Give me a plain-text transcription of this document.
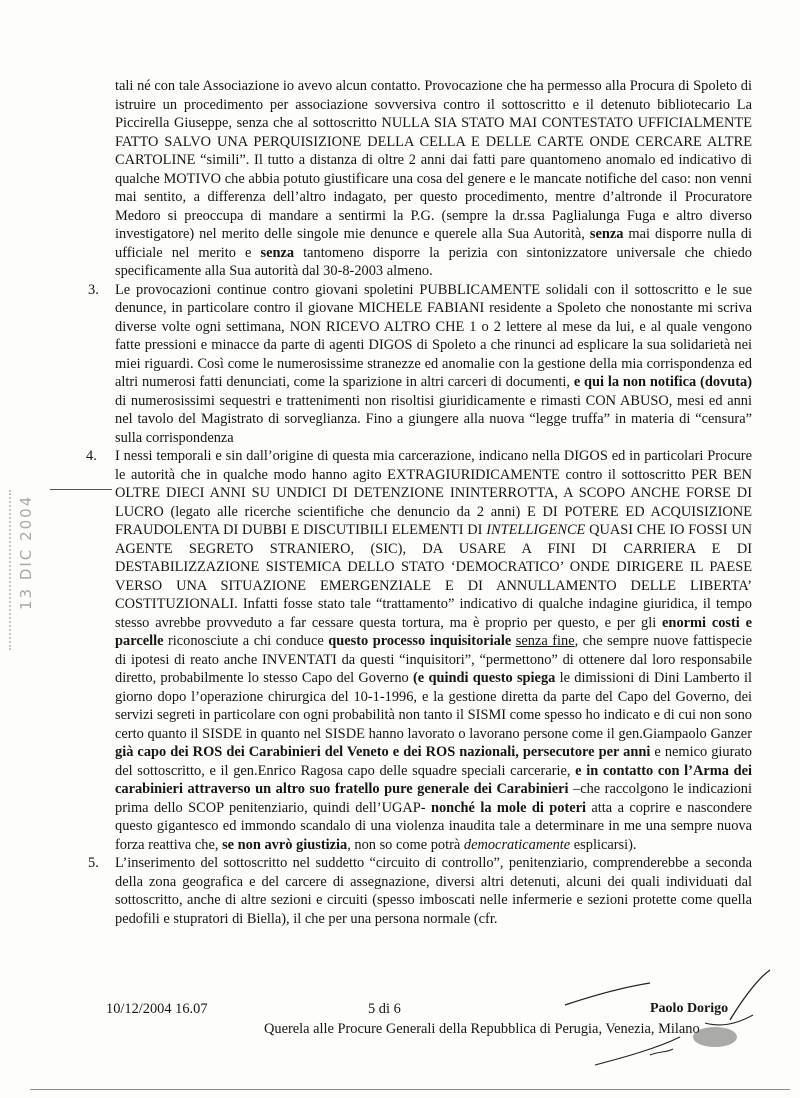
13 DIC 2004

tali né con tale Associazione io avevo alcun contatto. Provocazione che ha permesso alla Procura di Spoleto di istruire un procedimento per associazione sovversiva contro il sottoscritto e il detenuto bibliotecario La Piccirella Giuseppe, senza che al sottoscritto NULLA SIA STATO MAI CONTESTATO UFFICIALMENTE FATTO SALVO UNA PERQUISIZIONE DELLA CELLA E DELLE CARTE ONDE CERCARE ALTRE CARTOLINE “simili”. Il tutto a distanza di oltre 2 anni dai fatti pare quantomeno anomalo ed indicativo di qualche MOTIVO che abbia potuto giustificare una cosa del genere e le mancate notifiche del caso: non venni mai sentito, a differenza dell’altro indagato, per questo procedimento, mentre d’altronde il Procuratore Medoro si preoccupa di mandare a sentirmi la P.G. (sempre la dr.ssa Paglialunga Fuga e altro diverso investigatore) nel merito delle singole mie denunce e querele alla Sua Autorità, senza mai disporre nulla di ufficiale nel merito e senza tantomeno disporre la perizia con sintonizzatore universale che chiedo specificamente alla Sua autorità dal 30-8-2003 almeno.

3. Le provocazioni continue contro giovani spoletini PUBBLICAMENTE solidali con il sottoscritto e le sue denunce, in particolare contro il giovane MICHELE FABIANI residente a Spoleto che nonostante mi scriva diverse volte ogni settimana, NON RICEVO ALTRO CHE 1 o 2 lettere al mese da lui, e al quale vengono fatte pressioni e minacce da parte di agenti DIGOS di Spoleto a che rinunci ad esplicare la sua solidarietà nei miei riguardi. Così come le numerosissime stranezze ed anomalie con la gestione della mia corrispondenza ed altri numerosi fatti denunciati, come la sparizione in altri carceri di documenti, e qui la non notifica (dovuta) di numerosissimi sequestri e trattenimenti non risoltisi giuridicamente e rimasti CON ABUSO, mesi ed anni nel tavolo del Magistrato di sorveglianza. Fino a giungere alla nuova “legge truffa” in materia di “censura” sulla corrispondenza

4. I nessi temporali e sin dall’origine di questa mia carcerazione, indicano nella DIGOS ed in particolari Procure le autorità che in qualche modo hanno agito EXTRAGIURIDICAMENTE contro il sottoscritto PER BEN OLTRE DIECI ANNI SU UNDICI DI DETENZIONE ININTERROTTA, A SCOPO ANCHE FORSE DI LUCRO (legato alle ricerche scientifiche che denuncio da 2 anni) E DI POTERE ED ACQUISIZIONE FRAUDOLENTA DI DUBBI E DISCUTIBILI ELEMENTI DI INTELLIGENCE QUASI CHE IO FOSSI UN AGENTE SEGRETO STRANIERO, (SIC), DA USARE A FINI DI CARRIERA E DI DESTABILIZZAZIONE SISTEMICA DELLO STATO ‘DEMOCRATICO’ ONDE DIRIGERE IL PAESE VERSO UNA SITUAZIONE EMERGENZIALE E DI ANNULLAMENTO DELLE LIBERTA’ COSTITUZIONALI. Infatti fosse stato tale “trattamento” indicativo di qualche indagine giuridica, il tempo stesso avrebbe provveduto a far cessare questa tortura, ma è proprio per questo, e per gli enormi costi e parcelle riconosciute a chi conduce questo processo inquisitoriale senza fine, che sempre nuove fattispecie di ipotesi di reato anche INVENTATI da questi “inquisitori”, “permettono” di ottenere dal loro responsabile diretto, probabilmente lo stesso Capo del Governo (e quindi questo spiega le dimissioni di Dini Lamberto il giorno dopo l’operazione chirurgica del 10-1-1996, e la gestione diretta da parte del Capo del Governo, dei servizi segreti in particolare con ogni probabilità non tanto il SISMI come spesso ho indicato e di cui non sono certo quanto il SISDE in quanto nel SISDE hanno lavorato o lavorano persone come il gen.Giampaolo Ganzer già capo dei ROS dei Carabinieri del Veneto e dei ROS nazionali, persecutore per anni e nemico giurato del sottoscritto, e il gen.Enrico Ragosa capo delle squadre speciali carcerarie, e in contatto con l’Arma dei carabinieri attraverso un altro suo fratello pure generale dei Carabinieri –che raccolgono le indicazioni prima dello SCOP penitenziario, quindi dell’UGAP- nonché la mole di poteri atta a coprire e nascondere questo gigantesco ed immondo scandalo di una violenza inaudita tale a determinare in me una sempre nuova forza reattiva che, se non avrò giustizia, non so come potrà democraticamente esplicarsi).

5. L’inserimento del sottoscritto nel suddetto “circuito di controllo”, penitenziario, comprenderebbe a seconda della zona geografica e del carcere di assegnazione, diversi altri detenuti, alcuni dei quali individuati dal sottoscritto, anche di altre sezioni e circuiti (spesso imboscati nelle infermerie e sezioni protette come quella pedofili e stupratori di Biella), il che per una persona normale (cfr.

10/12/2004 16.07	5 di 6	Paolo Dorigo
Querela alle Procure Generali della Repubblica di Perugia, Venezia, Milano
